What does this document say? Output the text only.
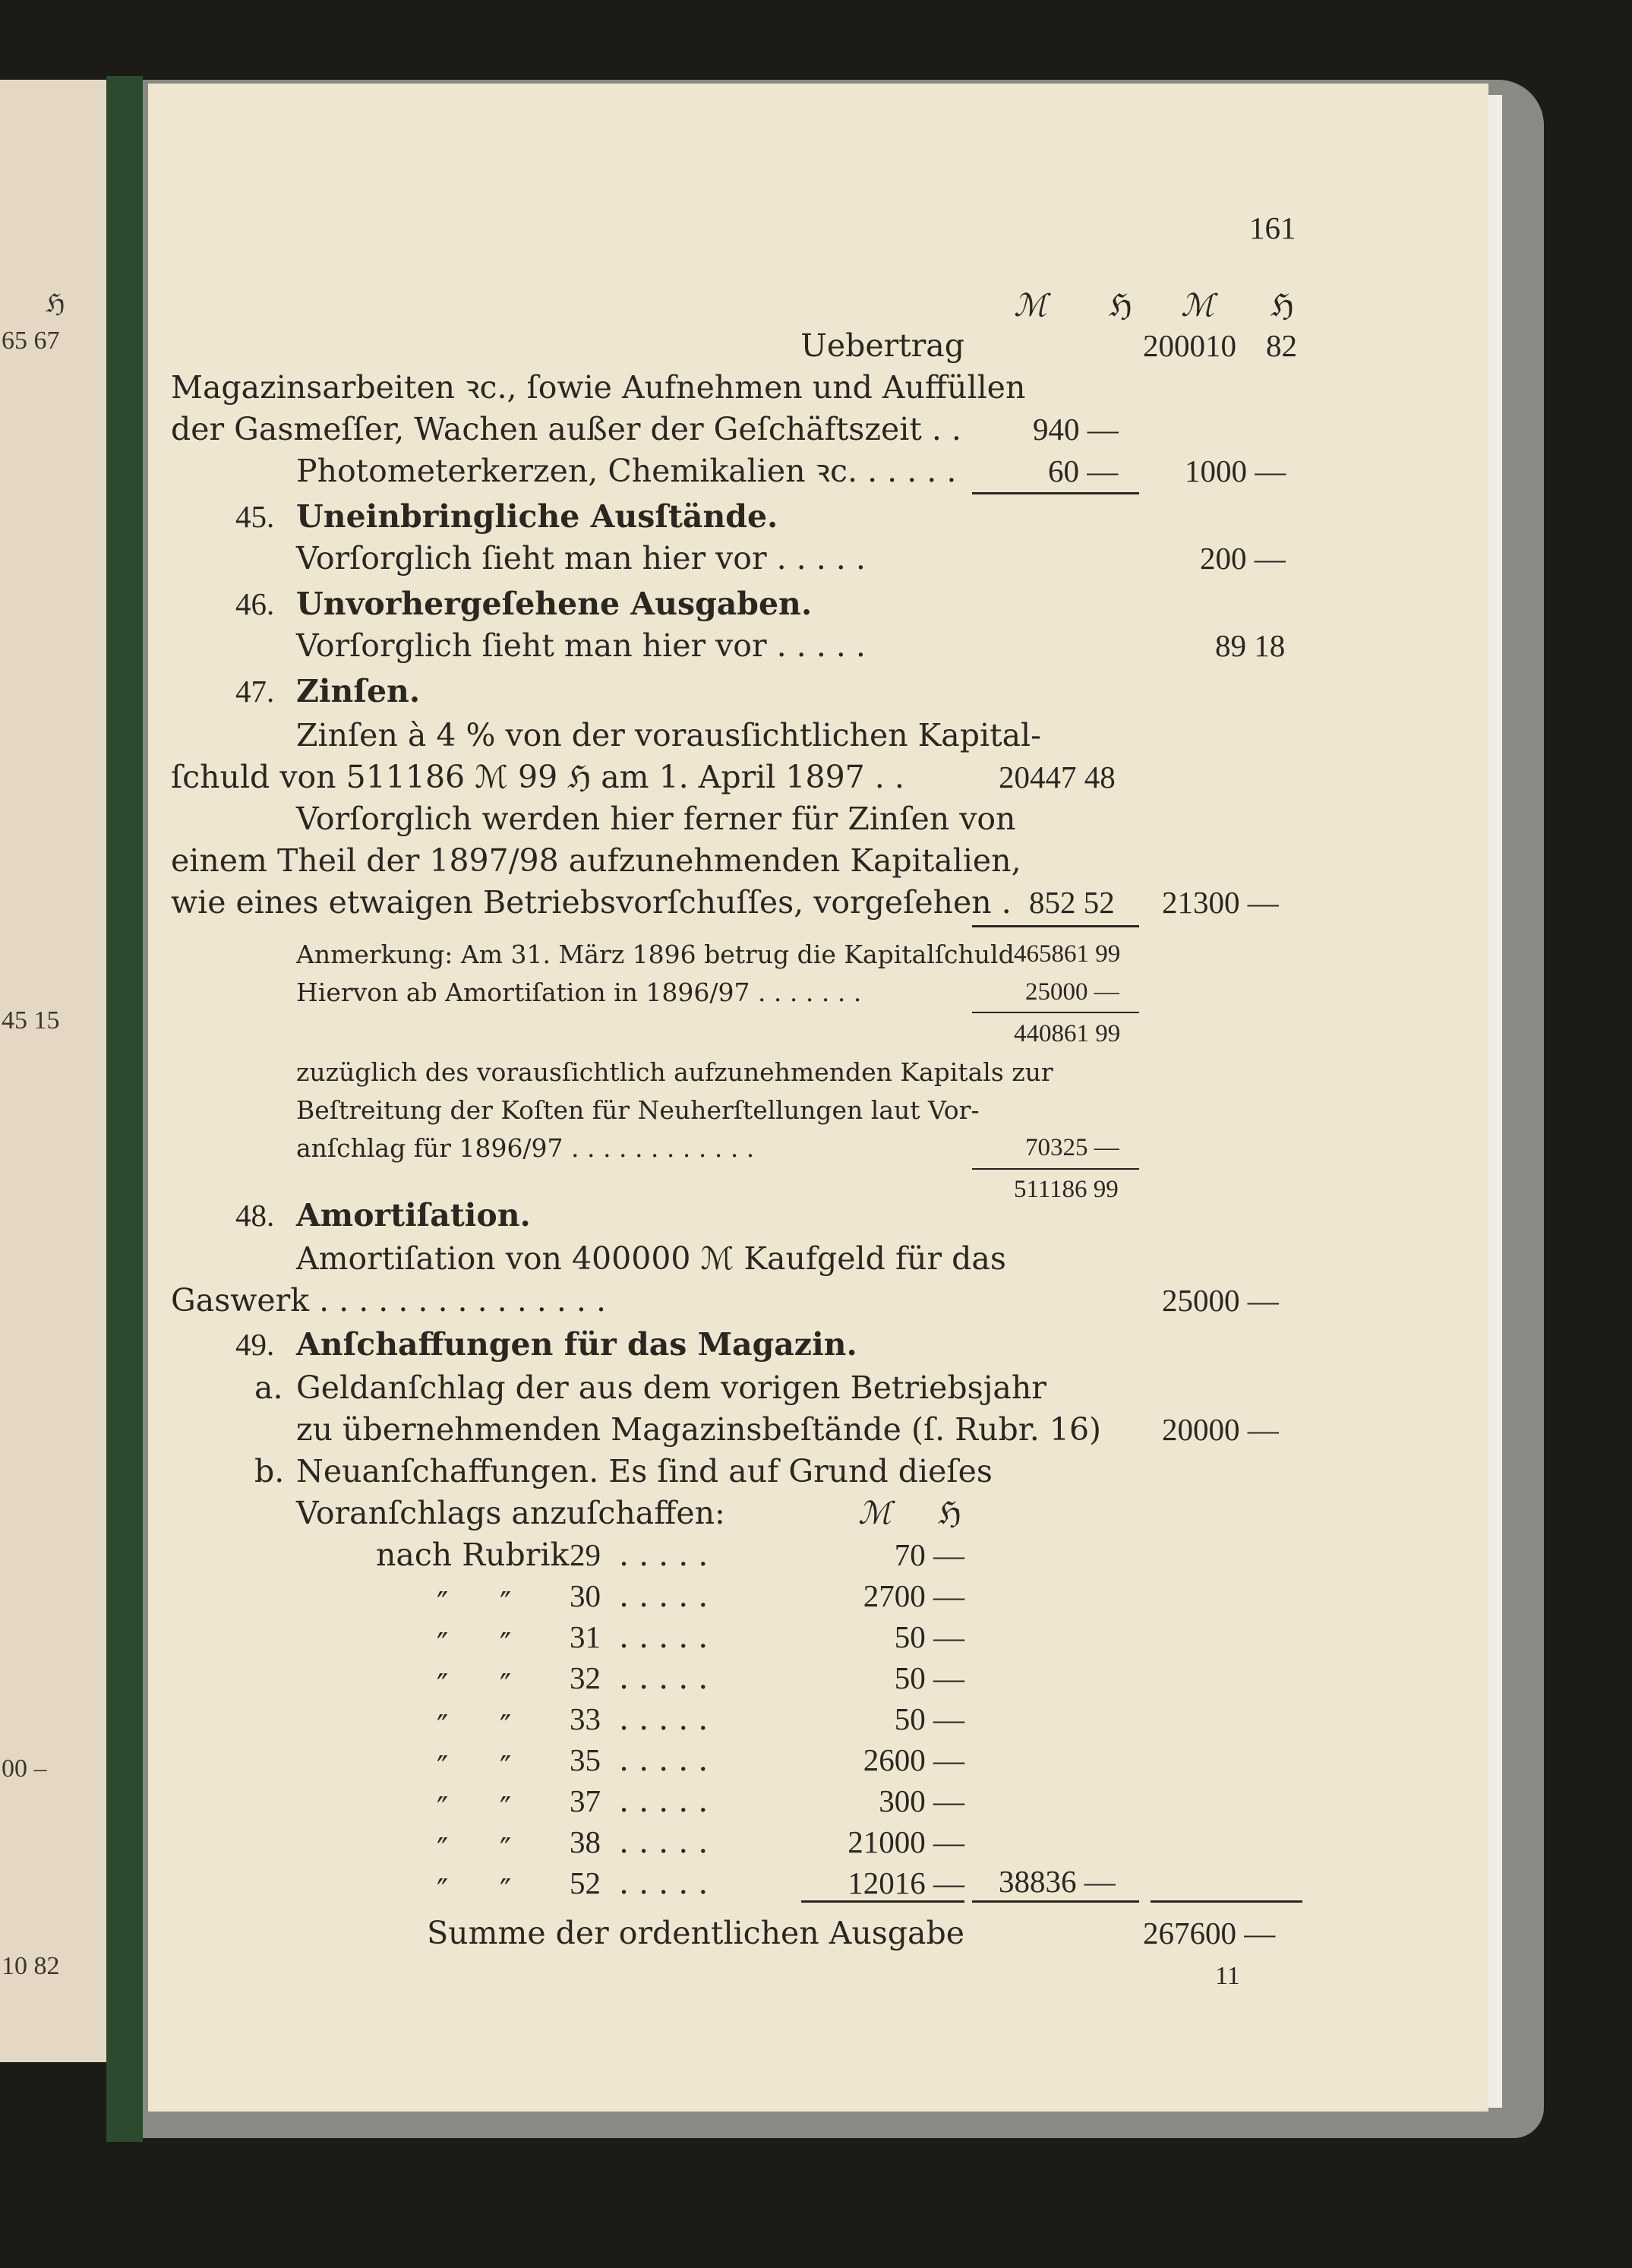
ℌ
65 67
45 15
00 –
10 82
161
ℳ ℌ ℳ ℌ
Uebertrag	200010 82
Magazinsarbeiten ꝛc., ſowie Aufnehmen und Auffüllen
der Gasmeſſer, Wachen außer der Geſchäftszeit . . 940 —
Photometerkerzen, Chemikalien ꝛc. . . . . .	60 — 1000 —
45. Uneinbringliche Ausſtände.
Vorſorglich ſieht man hier vor . . . . .	200 —
46. Unvorhergeſehene Ausgaben.
Vorſorglich ſieht man hier vor . . . . .	89 18
47. Zinſen.
Zinſen à 4 % von der vorausſichtlichen Kapital-
ſchuld von 511186 ℳ 99 ℌ am 1. April 1897 . .	20447 48
Vorſorglich werden hier ferner für Zinſen von
einem Theil der 1897/98 aufzunehmenden Kapitalien,
wie eines etwaigen Betriebsvorſchuſſes, vorgeſehen . 852 52 21300 —
Anmerkung: Am 31. März 1896 betrug die Kapitalſchuld 465861 99
Hiervon ab Amortiſation in 1896/97 . . . . . . .	25000 —
440861 99
zuzüglich des vorausſichtlich aufzunehmenden Kapitals zur
Beſtreitung der Koſten für Neuherſtellungen laut Vor-
anſchlag für 1896/97 . . . . . . . . . . . .	70325 —
511186 99
48. Amortiſation.
Amortiſation von 400000 ℳ Kaufgeld für das
Gaswerk . . . . . . . . . . . . . . .	25000 —
49. Anſchaffungen für das Magazin.
a. Geldanſchlag der aus dem vorigen Betriebsjahr
zu übernehmenden Magazinsbeſtände (ſ. Rubr. 16) 20000 —
b. Neuanſchaffungen. Es ſind auf Grund dieſes
Voranſchlags anzuſchaffen:	ℳ ℌ
nach Rubrik 29 . . . . .	70 —
″ ″ 30 . . . . .	2700 —
″ ″ 31 . . . . .	50 —
″ ″ 32 . . . . .	50 —
″ ″ 33 . . . . .	50 —
″ ″ 35 . . . . .	2600 —
″ ″ 37 . . . . .	300 —
″ ″ 38 . . . . .	21000 —
″ ″ 52 . . . . .	12016 — 38836 —
Summe der ordentlichen Ausgabe	267600 —
11
